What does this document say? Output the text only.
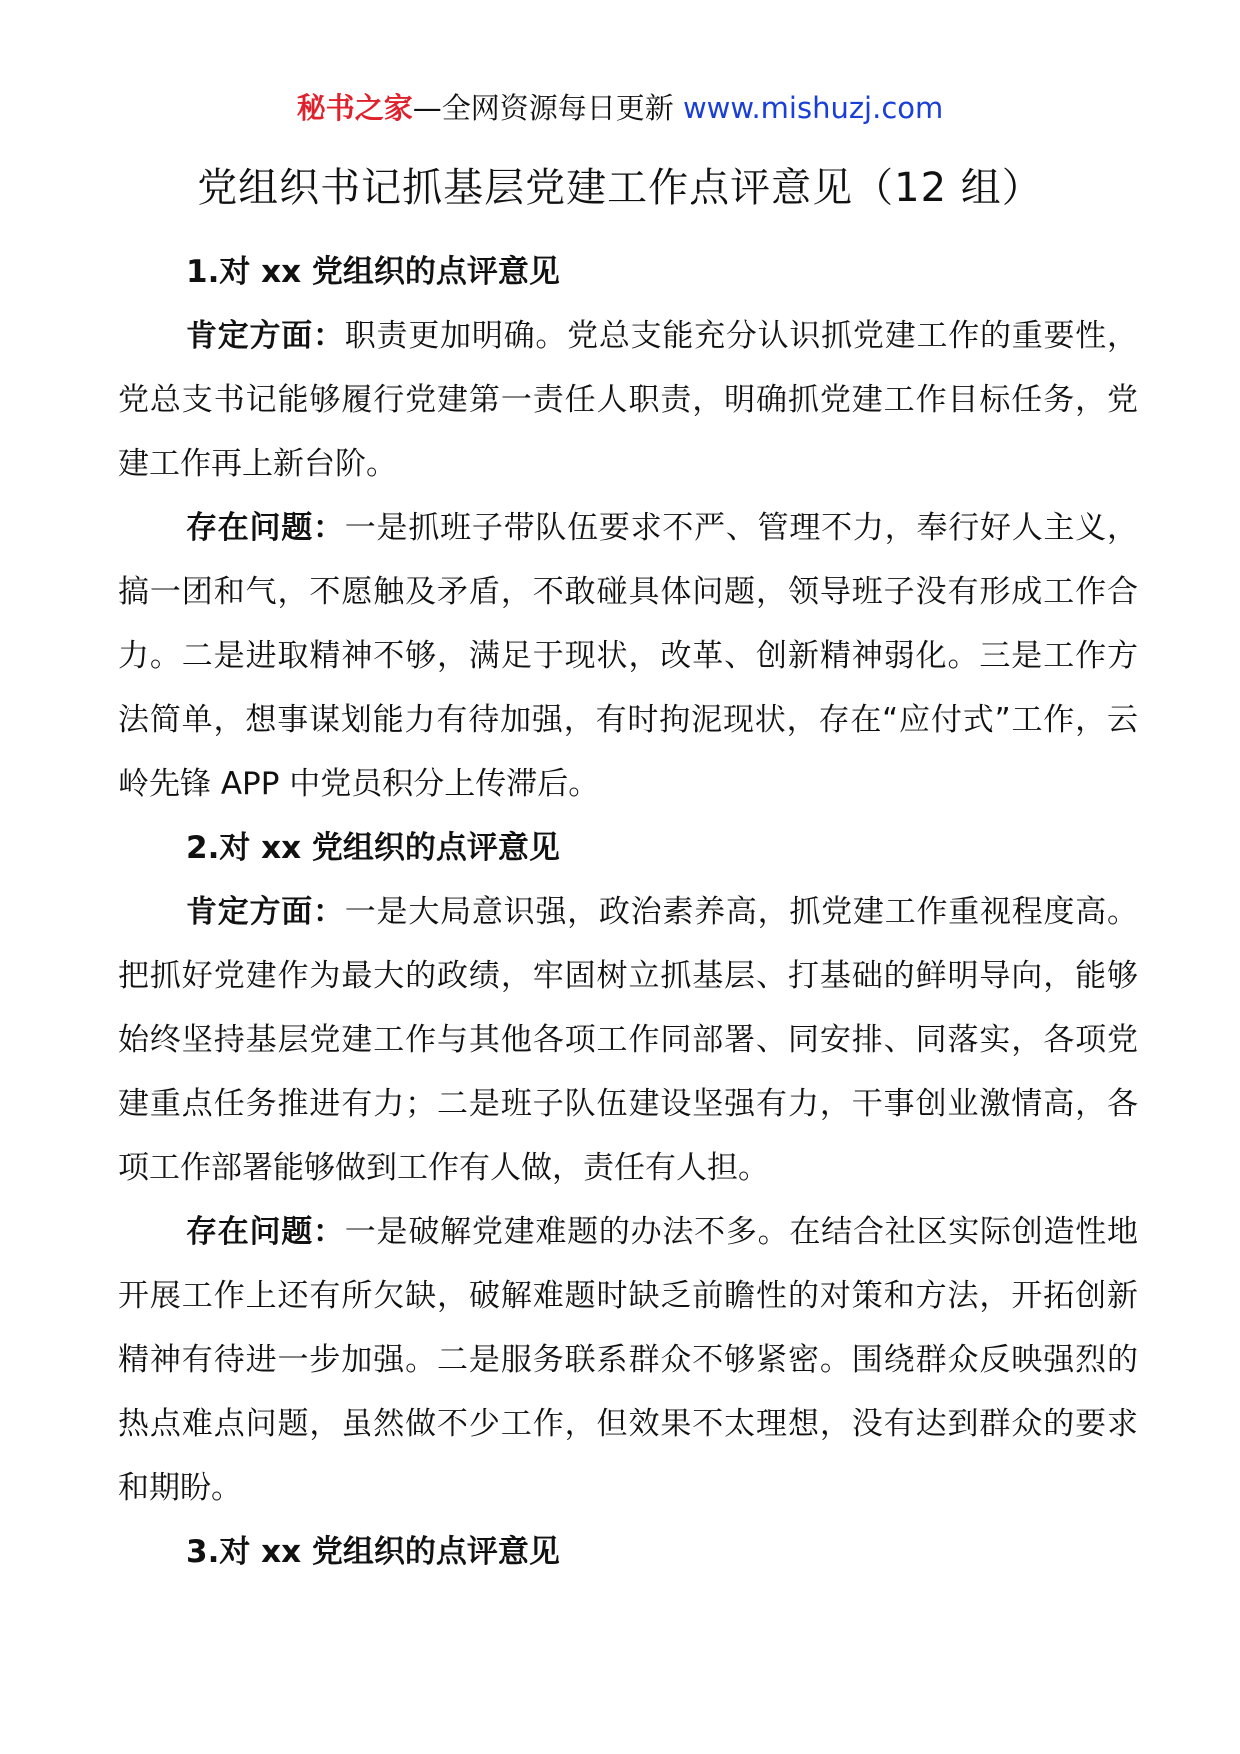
秘书之家—全网资源每日更新 www.mishuzj.com
党组织书记抓基层党建工作点评意见（12 组）

1.对 xx 党组织的点评意见

肯定方面：职责更加明确。党总支能充分认识抓党建工作的重要性，党总支书记能够履行党建第一责任人职责，明确抓党建工作目标任务，党建工作再上新台阶。

存在问题：一是抓班子带队伍要求不严、管理不力，奉行好人主义，搞一团和气，不愿触及矛盾，不敢碰具体问题，领导班子没有形成工作合力。二是进取精神不够，满足于现状，改革、创新精神弱化。三是工作方法简单，想事谋划能力有待加强，有时拘泥现状，存在“应付式”工作，云岭先锋 APP 中党员积分上传滞后。

2.对 xx 党组织的点评意见

肯定方面：一是大局意识强，政治素养高，抓党建工作重视程度高。把抓好党建作为最大的政绩，牢固树立抓基层、打基础的鲜明导向，能够始终坚持基层党建工作与其他各项工作同部署、同安排、同落实，各项党建重点任务推进有力；二是班子队伍建设坚强有力，干事创业激情高，各项工作部署能够做到工作有人做，责任有人担。

存在问题：一是破解党建难题的办法不多。在结合社区实际创造性地开展工作上还有所欠缺，破解难题时缺乏前瞻性的对策和方法，开拓创新精神有待进一步加强。二是服务联系群众不够紧密。围绕群众反映强烈的热点难点问题，虽然做不少工作，但效果不太理想，没有达到群众的要求和期盼。

3.对 xx 党组织的点评意见
